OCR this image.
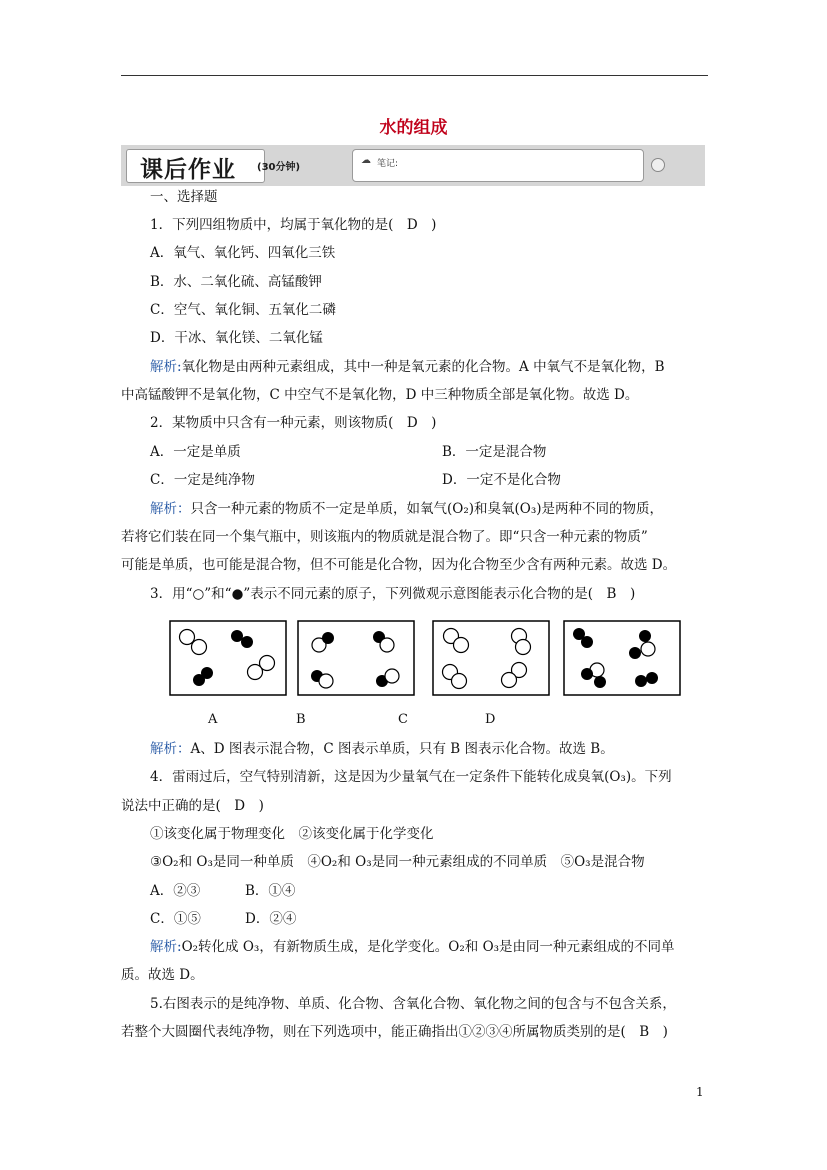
水的组成
课后作业 (30分钟)
☁ 笔记:
一、选择题
1．下列四组物质中，均属于氧化物的是(　D　)
A．氧气、氧化钙、四氧化三铁
B．水、二氧化硫、高锰酸钾
C．空气、氧化铜、五氧化二磷
D．干冰、氧化镁、二氧化锰
解析:氧化物是由两种元素组成，其中一种是氧元素的化合物。A 中氧气不是氧化物，B
中高锰酸钾不是氧化物，C 中空气不是氧化物，D 中三种物质全部是氧化物。故选 D。
2．某物质中只含有一种元素，则该物质(　D　)
A．一定是单质	B．一定是混合物
C．一定是纯净物	D．一定不是化合物
解析：只含一种元素的物质不一定是单质，如氧气(O₂)和臭氧(O₃)是两种不同的物质，
若将它们装在同一个集气瓶中，则该瓶内的物质就是混合物了。即“只含一种元素的物质”
可能是单质，也可能是混合物，但不可能是化合物，因为化合物至少含有两种元素。故选 D。
3．用“○”和“●”表示不同元素的原子，下列微观示意图能表示化合物的是(　B　)
A	B	C	D
解析：A、D 图表示混合物，C 图表示单质，只有 B 图表示化合物。故选 B。
4．雷雨过后，空气特别清新，这是因为少量氧气在一定条件下能转化成臭氧(O₃)。下列
说法中正确的是(　D　)
①该变化属于物理变化　②该变化属于化学变化
③O₂和 O₃是同一种单质　④O₂和 O₃是同一种元素组成的不同单质　⑤O₃是混合物
A．②③	B．①④
C．①⑤	D．②④
解析:O₂转化成 O₃，有新物质生成，是化学变化。O₂和 O₃是由同一种元素组成的不同单
质。故选 D。
5.右图表示的是纯净物、单质、化合物、含氧化合物、氧化物之间的包含与不包含关系，
若整个大圆圈代表纯净物，则在下列选项中，能正确指出①②③④所属物质类别的是(　B　)
1
